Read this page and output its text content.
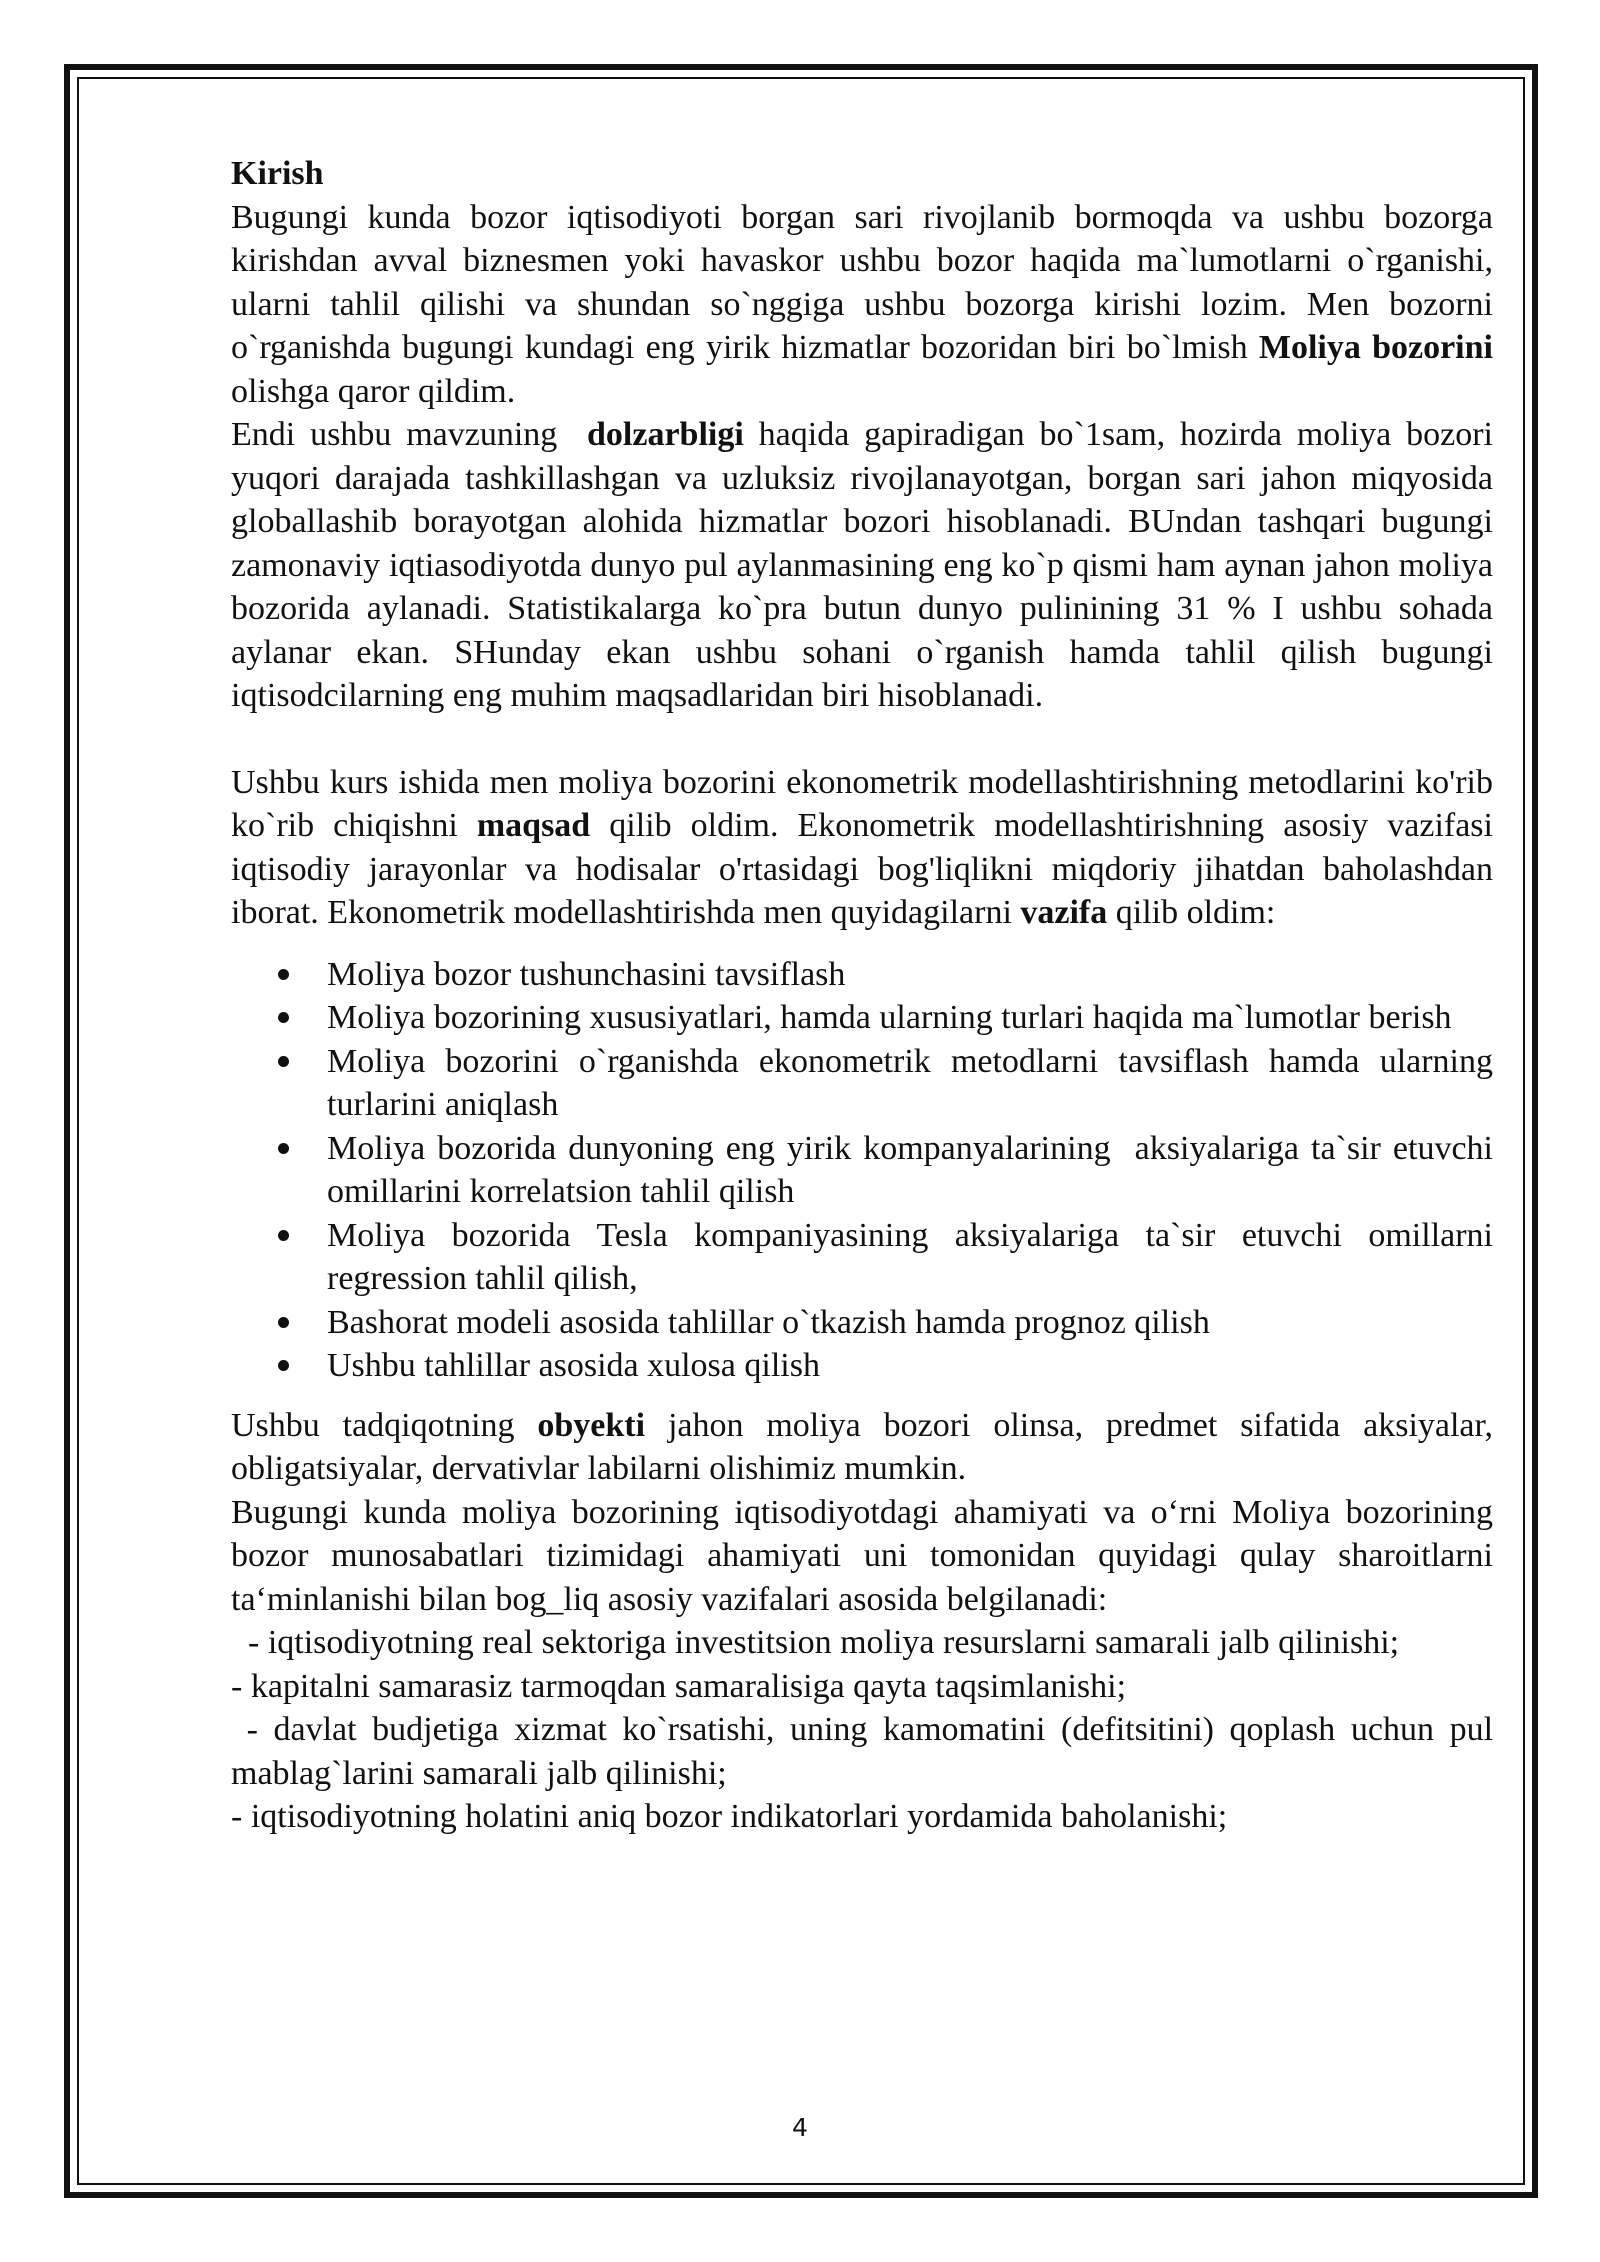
Kirish

Bugungi kunda bozor iqtisodiyoti borgan sari rivojlanib bormoqda va ushbu bozorga kirishdan avval biznesmen yoki havaskor ushbu bozor haqida ma`lumotlarni o`rganishi, ularni tahlil qilishi va shundan so`nggiga ushbu bozorga kirishi lozim. Men bozorni o`rganishda bugungi kundagi eng yirik hizmatlar bozoridan biri bo`lmish Moliya bozorini olishga qaror qildim.

Endi ushbu mavzuning  dolzarbligi haqida gapiradigan bo`1sam, hozirda moliya bozori yuqori darajada tashkillashgan va uzluksiz rivojlanayotgan, borgan sari jahon miqyosida globallashib borayotgan alohida hizmatlar bozori hisoblanadi. BUndan tashqari bugungi zamonaviy iqtiasodiyotda dunyo pul aylanmasining eng ko`p qismi ham aynan jahon moliya bozorida aylanadi. Statistikalarga ko`pra butun dunyo pulinining 31 % I ushbu sohada aylanar ekan. SHunday ekan ushbu sohani o`rganish hamda tahlil qilish bugungi iqtisodcilarning eng muhim maqsadlaridan biri hisoblanadi.

Ushbu kurs ishida men moliya bozorini ekonometrik modellashtirishning metodlarini ko'rib ko`rib chiqishni maqsad qilib oldim. Ekonometrik modellashtirishning asosiy vazifasi iqtisodiy jarayonlar va hodisalar o'rtasidagi bog'liqlikni miqdoriy jihatdan baholashdan iborat. Ekonometrik modellashtirishda men quyidagilarni vazifa qilib oldim:

Moliya bozor tushunchasini tavsiflash
Moliya bozorining xususiyatlari, hamda ularning turlari haqida ma`lumotlar berish
Moliya bozorini o`rganishda ekonometrik metodlarni tavsiflash hamda ularning turlarini aniqlash
Moliya bozorida dunyoning eng yirik kompanyalarining  aksiyalariga ta`sir etuvchi omillarini korrelatsion tahlil qilish
Moliya bozorida Tesla kompaniyasining aksiyalariga ta`sir etuvchi omillarni regression tahlil qilish,
Bashorat modeli asosida tahlillar o`tkazish hamda prognoz qilish
Ushbu tahlillar asosida xulosa qilish

Ushbu tadqiqotning obyekti jahon moliya bozori olinsa, predmet sifatida aksiyalar, obligatsiyalar, dervativlar labilarni olishimiz mumkin.

Bugungi kunda moliya bozorining iqtisodiyotdagi ahamiyati va o‘rni Moliya bozorining bozor munosabatlari tizimidagi ahamiyati uni tomonidan quyidagi qulay sharoitlarni ta‘minlanishi bilan bog_liq asosiy vazifalari asosida belgilanadi:

- iqtisodiyotning real sektoriga investitsion moliya resurslarni samarali jalb qilinishi;

- kapitalni samarasiz tarmoqdan samaralisiga qayta taqsimlanishi;

- davlat budjetiga xizmat ko`rsatishi, uning kamomatini (defitsitini) qoplash uchun pul mablag`larini samarali jalb qilinishi;

- iqtisodiyotning holatini aniq bozor indikatorlari yordamida baholanishi;

4
